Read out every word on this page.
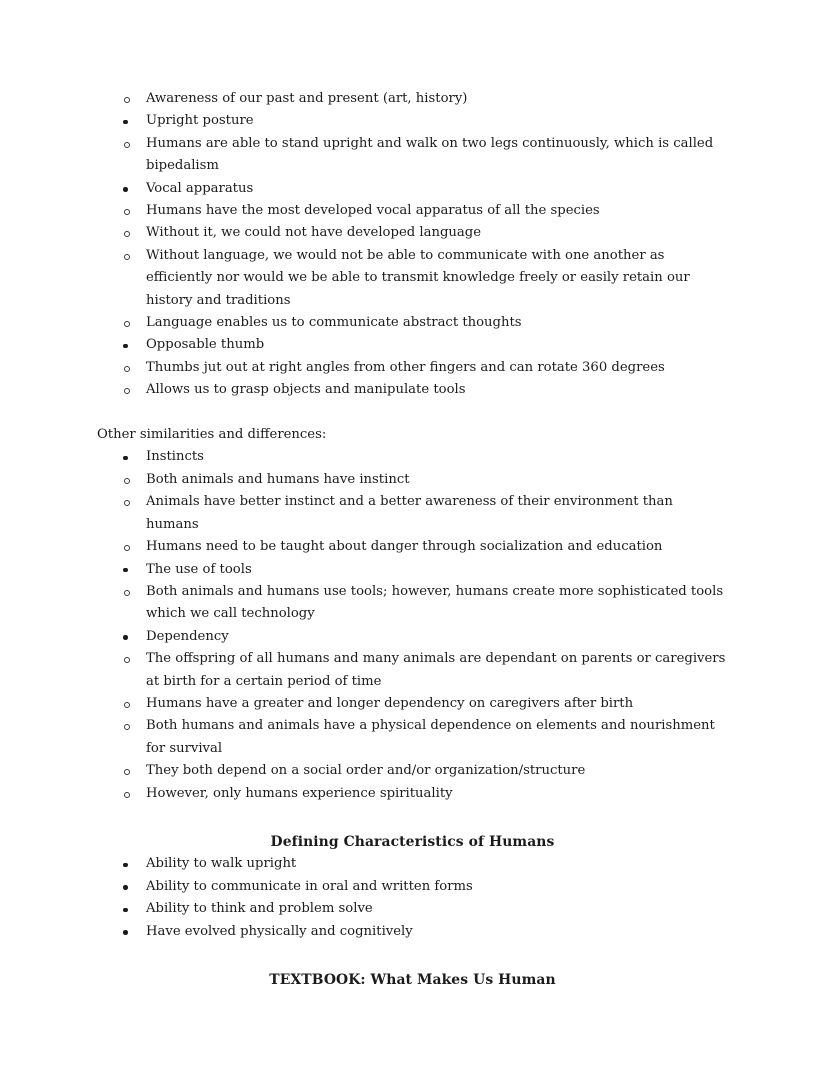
Awareness of our past and present (art, history)
Upright posture
Humans are able to stand upright and walk on two legs continuously, which is called bipedalism
Vocal apparatus
Humans have the most developed vocal apparatus of all the species
Without it, we could not have developed language
Without language, we would not be able to communicate with one another as efficiently nor would we be able to transmit knowledge freely or easily retain our history and traditions
Language enables us to communicate abstract thoughts
Opposable thumb
Thumbs jut out at right angles from other fingers and can rotate 360 degrees
Allows us to grasp objects and manipulate tools

Other similarities and differences:

Instincts
Both animals and humans have instinct
Animals have better instinct and a better awareness of their environment than humans
Humans need to be taught about danger through socialization and education
The use of tools
Both animals and humans use tools; however, humans create more sophisticated tools which we call technology
Dependency
The offspring of all humans and many animals are dependant on parents or caregivers at birth for a certain period of time
Humans have a greater and longer dependency on caregivers after birth
Both humans and animals have a physical dependence on elements and nourishment for survival
They both depend on a social order and/or organization/structure
However, only humans experience spirituality
Defining Characteristics of Humans
Ability to walk upright
Ability to communicate in oral and written forms
Ability to think and problem solve
Have evolved physically and cognitively
TEXTBOOK: What Makes Us Human
